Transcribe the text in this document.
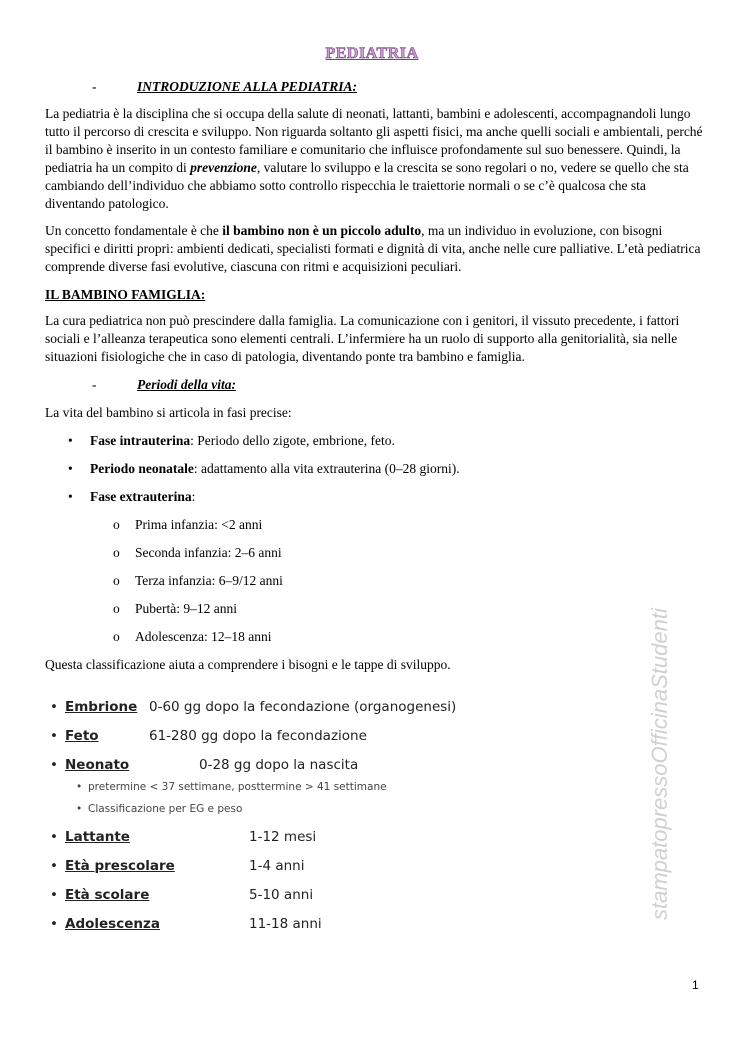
stampatopressoOfficinaStudenti
PEDIATRIA
-	INTRODUZIONE ALLA PEDIATRIA:

La pediatria è la disciplina che si occupa della salute di neonati, lattanti, bambini e adolescenti, accompagnandoli lungo tutto il percorso di crescita e sviluppo. Non riguarda soltanto gli aspetti fisici, ma anche quelli sociali e ambientali, perché il bambino è inserito in un contesto familiare e comunitario che influisce profondamente sul suo benessere. Quindi, la pediatria ha un compito di prevenzione, valutare lo sviluppo e la crescita se sono regolari o no, vedere se quello che sta cambiando dell’individuo che abbiamo sotto controllo rispecchia le traiettorie normali o se c’è qualcosa che sta diventando patologico.

Un concetto fondamentale è che il bambino non è un piccolo adulto, ma un individuo in evoluzione, con bisogni specifici e diritti propri: ambienti dedicati, specialisti formati e dignità di vita, anche nelle cure palliative. L’età pediatrica comprende diverse fasi evolutive, ciascuna con ritmi e acquisizioni peculiari.

IL BAMBINO FAMIGLIA:

La cura pediatrica non può prescindere dalla famiglia. La comunicazione con i genitori, il vissuto precedente, i fattori sociali e l’alleanza terapeutica sono elementi centrali. L’infermiere ha un ruolo di supporto alla genitorialità, sia nelle situazioni fisiologiche che in caso di patologia, diventando ponte tra bambino e famiglia.

-	Periodi della vita:
La vita del bambino si articola in fasi precise:
•	Fase intrauterina: Periodo dello zigote, embrione, feto.
•	Periodo neonatale: adattamento alla vita extrauterina (0–28 giorni).
•	Fase extrauterina:
o	Prima infanzia: <2 anni
o	Seconda infanzia: 2–6 anni
o	Terza infanzia: 6–9/12 anni
o	Pubertà: 9–12 anni
o	Adolescenza: 12–18 anni
Questa classificazione aiuta a comprendere i bisogni e le tappe di sviluppo.
• Embrione 0-60 gg dopo la fecondazione (organogenesi)
• Feto	61-280 gg dopo la fecondazione
• Neonato	0-28 gg dopo la nascita
• pretermine < 37 settimane, posttermine > 41 settimane
• Classificazione per EG e peso
• Lattante	1-12 mesi
• Età prescolare	1-4 anni
• Età scolare	5-10 anni
• Adolescenza	11-18 anni
1
